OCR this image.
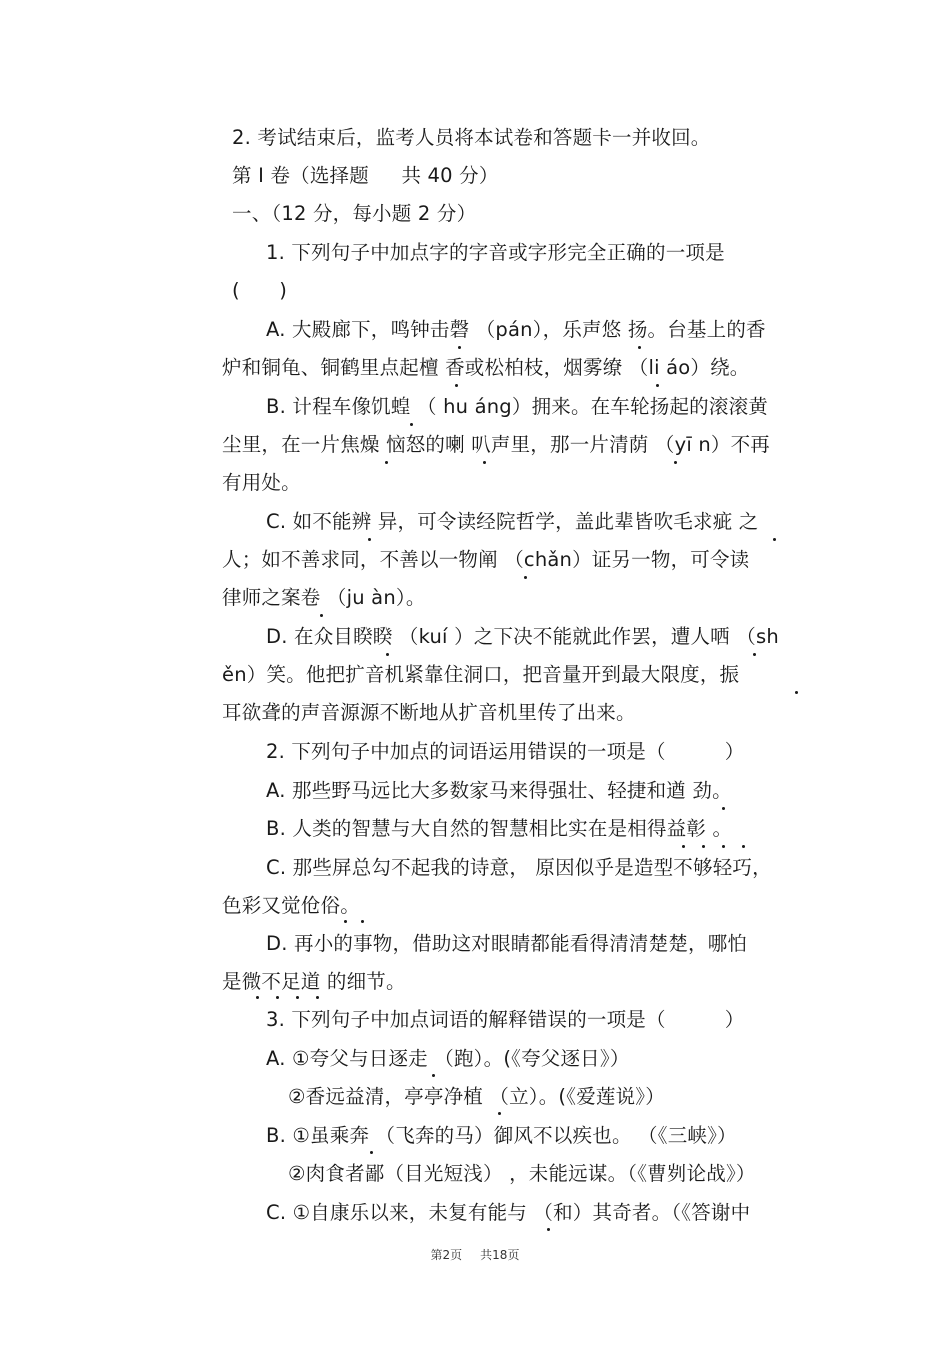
2. 考试结束后，监考人员将本试卷和答题卡一并收回。
第 I 卷（选择题 　 共 40 分）
一、（12 分，每小题 2 分）
1. 下列句子中加点字的字音或字形完全正确的一项是
(　　)
A. 大殿廊下，鸣钟击磬 （pán），乐声悠 扬。台基上的香
炉和铜龟、铜鹤里点起檀 香或松柏枝，烟雾缭 （li áo）绕。
B. 计程车像饥蝗 （ hu áng）拥来。在车轮扬起的滚滚黄
尘里，在一片焦燥 恼怒的喇 叭声里，那一片清荫 （yī n）不再
有用处。
C. 如不能辨 异，可令读经院哲学，盖此辈皆吹毛求疵 之
人；如不善求同，不善以一物阐 （chǎn）证另一物，可令读
律师之案卷 （ju àn）。
D. 在众目睽睽 （kuí ）之下决不能就此作罢，遭人哂 （sh
ěn）笑。他把扩音机紧靠住洞口，把音量开到最大限度，振
耳欲聋的声音源源不断地从扩音机里传了出来。
2. 下列句子中加点的词语运用错误的一项是（　　　）
A. 那些野马远比大多数家马来得强壮、轻捷和遒 劲。
B. 人类的智慧与大自然的智慧相比实在是相得益彰 。
C. 那些屏总勾不起我的诗意， 原因似乎是造型不够轻巧，
色彩又觉伧俗。
D. 再小的事物，借助这对眼睛都能看得清清楚楚，哪怕
是微不足道 的细节。
3. 下列句子中加点词语的解释错误的一项是（　　　）
A. ①夸父与日逐走 （跑）。(《夸父逐日》）
②香远益清，亭亭净植 （立）。(《爱莲说》）
B. ①虽乘奔 （飞奔的马）御风不以疾也。 （《三峡》）
②肉食者鄙（目光短浅） ，未能远谋。（《曹刿论战》）
C. ①自康乐以来，未复有能与 （和）其奇者。（《答谢中
第2页 共18页
